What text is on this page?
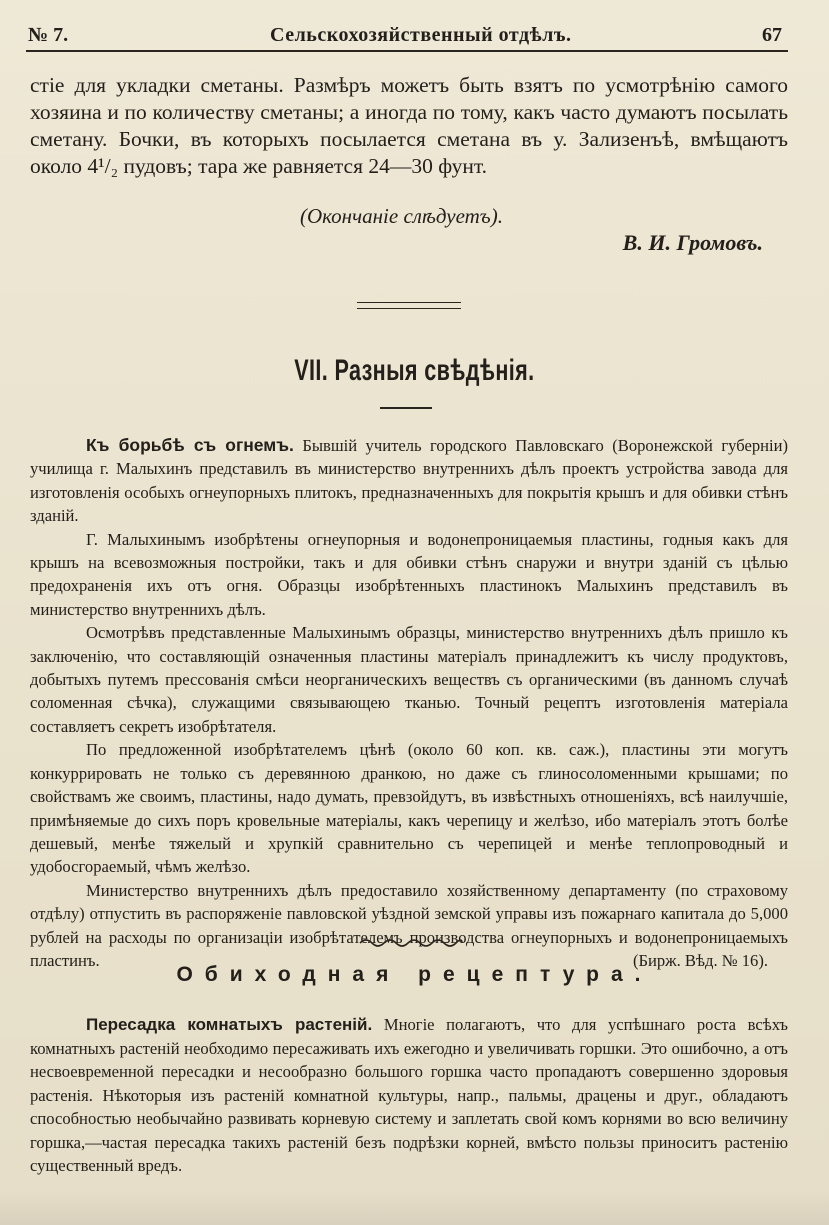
№ 7.	Сельскохозяйственный отдѣлъ.	67

стіе для укладки сметаны. Размѣръ можетъ быть взятъ по усмотрѣнію самого хозяина и по количеству сметаны; а иногда по тому, какъ часто думаютъ посылать сметану. Бочки, въ которыхъ посылается сметана въ у. Зализенъѣ, вмѣщаютъ около 4¹/₂ пудовъ; тара же равняется 24—30 фунт.

(Окончаніе слѣдуетъ).
В. И. Громовъ.
VII. Разныя свѣдѣнія.

Къ борьбѣ съ огнемъ. Бывшій учитель городского Павловскаго (Воронежской губерніи) училища г. Малыхинъ представилъ въ министерство внутреннихъ дѣлъ проектъ устройства завода для изготовленія особыхъ огнеупорныхъ плитокъ, предназначенныхъ для покрытія крышъ и для обивки стѣнъ зданій.

Г. Малыхинымъ изобрѣтены огнеупорныя и водонепроницаемыя пластины, годныя какъ для крышъ на всевозможныя постройки, такъ и для обивки стѣнъ снаружи и внутри зданій съ цѣлью предохраненія ихъ отъ огня. Образцы изобрѣтенныхъ пластинокъ Малыхинъ представилъ въ министерство внутреннихъ дѣлъ.

Осмотрѣвъ представленные Малыхинымъ образцы, министерство внутреннихъ дѣлъ пришло къ заключенію, что составляющій означенныя пластины матеріалъ принадлежитъ къ числу продуктовъ, добытыхъ путемъ прессованія смѣси неорганическихъ веществъ съ органическими (въ данномъ случаѣ соломенная сѣчка), служащими связывающею тканью. Точный рецептъ изготовленія матеріала составляетъ секретъ изобрѣтателя.

По предложенной изобрѣтателемъ цѣнѣ (около 60 коп. кв. саж.), пластины эти могутъ конкуррировать не только съ деревянною дранкою, но даже съ глиносоломенными крышами; по свойствамъ же своимъ, пластины, надо думать, превзойдутъ, въ извѣстныхъ отношеніяхъ, всѣ наилучшіе, примѣняемые до сихъ поръ кровельные матеріалы, какъ черепицу и желѣзо, ибо матеріалъ этотъ болѣе дешевый, менѣе тяжелый и хрупкій сравнительно съ черепицей и менѣе теплопроводный и удобосгораемый, чѣмъ желѣзо.

Министерство внутреннихъ дѣлъ предоставило хозяйственному департаменту (по страховому отдѣлу) отпустить въ распоряженіе павловской уѣздной земской управы изъ пожарнаго капитала до 5,000 рублей на расходы по организаціи изобрѣтателемъ производства огнеупорныхъ и водонепроницаемыхъ пластинъ.	(Бирж. Вѣд. № 16).

Обиходная рецептура.

Пересадка комнатыхъ растеній. Многіе полагаютъ, что для успѣшнаго роста всѣхъ комнатныхъ растеній необходимо пересаживать ихъ ежегодно и увеличивать горшки. Это ошибочно, а отъ несвоевременной пересадки и несообразно большого горшка часто пропадаютъ совершенно здоровыя растенія. Нѣкоторыя изъ растеній комнатной культуры, напр., пальмы, драцены и друг., обладаютъ способностью необычайно развивать корневую систему и заплетать свой комъ корнями во всю величину горшка,—частая пересадка такихъ растеній безъ подрѣзки корней, вмѣсто пользы приноситъ растенію существенный вредъ.
